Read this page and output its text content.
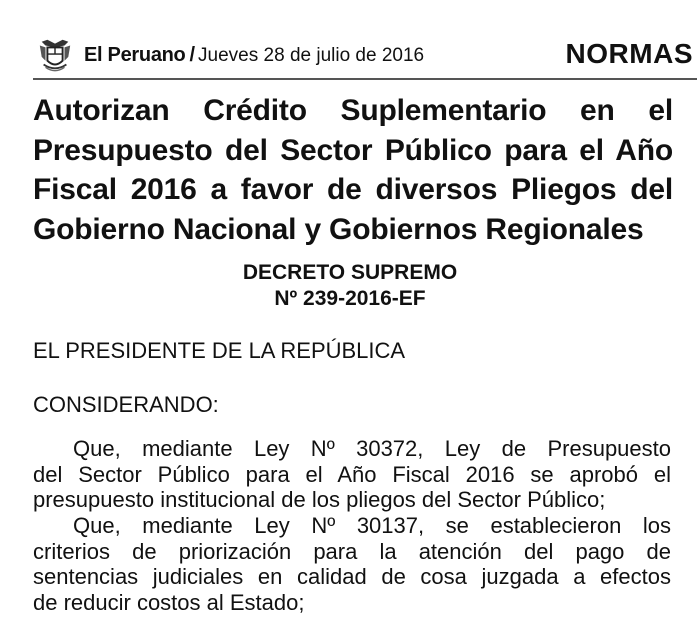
El Peruano / Jueves 28 de julio de 2016	NORMAS
Autorizan Crédito Suplementario en el
Presupuesto del Sector Público para el Año
Fiscal 2016 a favor de diversos Pliegos del
Gobierno Nacional y Gobiernos Regionales
DECRETO SUPREMO
Nº 239-2016-EF
EL PRESIDENTE DE LA REPÚBLICA
CONSIDERANDO:
Que, mediante Ley Nº 30372, Ley de Presupuesto
del Sector Público para el Año Fiscal 2016 se aprobó el
presupuesto institucional de los pliegos del Sector Público;
Que, mediante Ley Nº 30137, se establecieron los
criterios de priorización para la atención del pago de
sentencias judiciales en calidad de cosa juzgada a efectos
de reducir costos al Estado;
